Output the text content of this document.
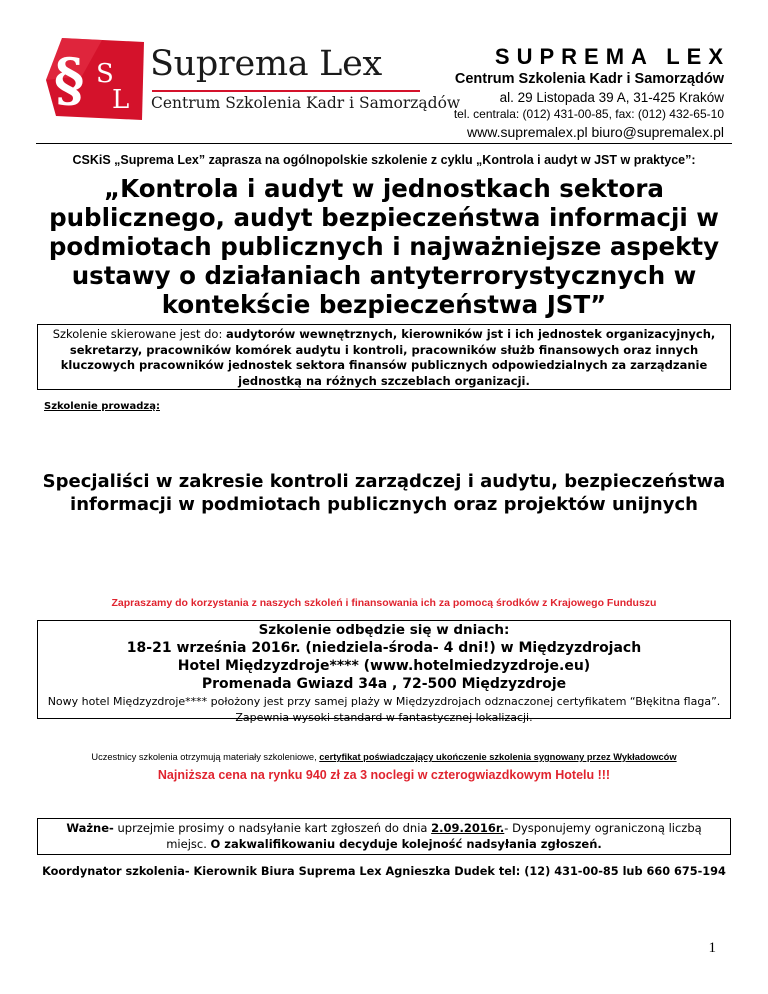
§ S
L
Suprema Lex
Centrum Szkolenia Kadr i Samorządów
SUPREMA LEX
Centrum Szkolenia Kadr i Samorządów
al. 29 Listopada 39 A, 31-425 Kraków
tel. centrala: (012) 431-00-85, fax: (012) 432-65-10
www.supremalex.pl biuro@supremalex.pl
CSKiS „Suprema Lex” zaprasza na ogólnopolskie szkolenie z cyklu „Kontrola i audyt w JST w praktyce”:
„Kontrola i audyt w jednostkach sektora publicznego, audyt bezpieczeństwa informacji w podmiotach publicznych i najważniejsze aspekty ustawy o działaniach antyterrorystycznych w kontekście bezpieczeństwa JST”
Szkolenie skierowane jest do: audytorów wewnętrznych, kierowników jst i ich jednostek organizacyjnych, sekretarzy, pracowników komórek audytu i kontroli, pracowników służb finansowych oraz innych kluczowych pracowników jednostek sektora finansów publicznych odpowiedzialnych za zarządzanie jednostką na różnych szczeblach organizacji.
Szkolenie prowadzą:
Specjaliści w zakresie kontroli zarządczej i audytu, bezpieczeństwa informacji w podmiotach publicznych oraz projektów unijnych
Zapraszamy do korzystania z naszych szkoleń i finansowania ich za pomocą środków z Krajowego Funduszu
Szkolenie odbędzie się w dniach:
18-21 września 2016r. (niedziela-środa- 4 dni!) w Międzyzdrojach
Hotel Międzyzdroje**** (www.hotelmiedzyzdroje.eu)
Promenada Gwiazd 34a , 72-500 Międzyzdroje
Nowy hotel Międzyzdroje**** położony jest przy samej plaży w Międzyzdrojach odznaczonej certyfikatem “Błękitna flaga”. Zapewnia wysoki standard w fantastycznej lokalizacji.
Uczestnicy szkolenia otrzymują materiały szkoleniowe, certyfikat poświadczający ukończenie szkolenia sygnowany przez Wykładowców
Najniższa cena na rynku 940 zł za 3 noclegi w czterogwiazdkowym Hotelu !!!
Ważne- uprzejmie prosimy o nadsyłanie kart zgłoszeń do dnia 2.09.2016r.- Dysponujemy ograniczoną liczbą miejsc. O zakwalifikowaniu decyduje kolejność nadsyłania zgłoszeń.
Koordynator szkolenia- Kierownik Biura Suprema Lex Agnieszka Dudek tel: (12) 431-00-85 lub 660 675-194
1
